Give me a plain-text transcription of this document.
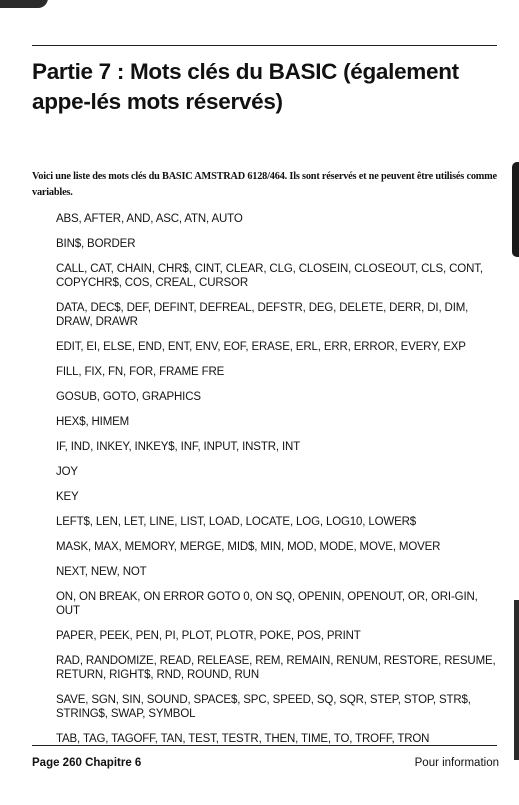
Partie 7 : Mots clés du BASIC (également appe-lés mots réservés)

Voici une liste des mots clés du BASIC AMSTRAD 6128/464. Ils sont réservés et ne peuvent être utilisés comme variables.

ABS, AFTER, AND, ASC, ATN, AUTO
BIN$, BORDER
CALL, CAT, CHAIN, CHR$, CINT, CLEAR, CLG, CLOSEIN, CLOSEOUT, CLS, CONT, COPYCHR$, COS, CREAL, CURSOR
DATA, DEC$, DEF, DEFINT, DEFREAL, DEFSTR, DEG, DELETE, DERR, DI, DIM, DRAW, DRAWR
EDIT, EI, ELSE, END, ENT, ENV, EOF, ERASE, ERL, ERR, ERROR, EVERY, EXP
FILL, FIX, FN, FOR, FRAME FRE
GOSUB, GOTO, GRAPHICS
HEX$, HIMEM
IF, IND, INKEY, INKEY$, INF, INPUT, INSTR, INT
JOY
KEY
LEFT$, LEN, LET, LINE, LIST, LOAD, LOCATE, LOG, LOG10, LOWER$
MASK, MAX, MEMORY, MERGE, MID$, MIN, MOD, MODE, MOVE, MOVER
NEXT, NEW, NOT
ON, ON BREAK, ON ERROR GOTO 0, ON SQ, OPENIN, OPENOUT, OR, ORI-GIN, OUT
PAPER, PEEK, PEN, PI, PLOT, PLOTR, POKE, POS, PRINT
RAD, RANDOMIZE, READ, RELEASE, REM, REMAIN, RENUM, RESTORE, RESUME, RETURN, RIGHT$, RND, ROUND, RUN
SAVE, SGN, SIN, SOUND, SPACE$, SPC, SPEED, SQ, SQR, STEP, STOP, STR$, STRING$, SWAP, SYMBOL
TAB, TAG, TAGOFF, TAN, TEST, TESTR, THEN, TIME, TO, TROFF, TRON
Page 260 Chapitre 6	Pour information
